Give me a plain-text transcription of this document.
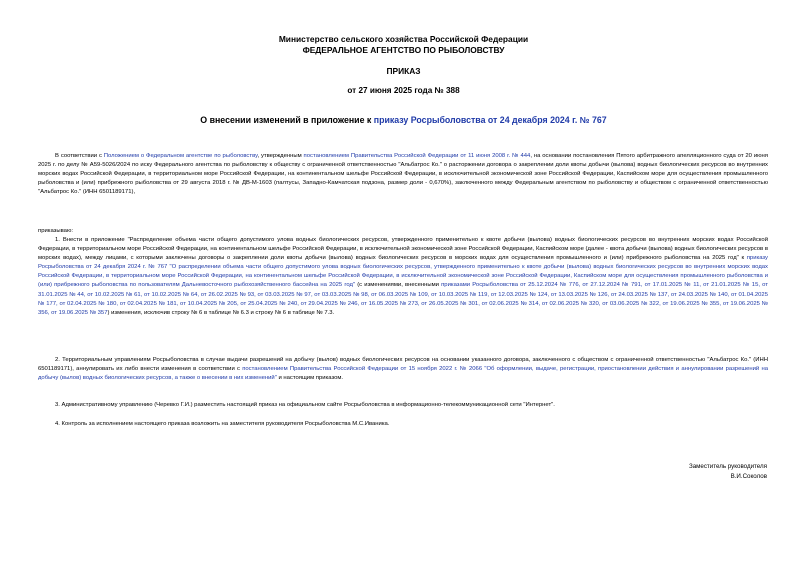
Министерство сельского хозяйства Российской Федерации
ФЕДЕРАЛЬНОЕ АГЕНТСТВО ПО РЫБОЛОВСТВУ
ПРИКАЗ
от 27 июня 2025 года № 388
О внесении изменений в приложение к приказу Росрыболовства от 24 декабря 2024 г. № 767
В соответствии с Положением о Федеральном агентстве по рыболовству, утвержденным постановлением Правительства Российской Федерации от 11 июня 2008 г. № 444, на основании постановления Пятого арбитражного апелляционного суда от 20 июня 2025 г. по делу № А59-5026/2024 по иску Федерального агентства по рыболовству к обществу с ограниченной ответственностью "Альбатрос Ко." о расторжении договора о закреплении доли квоты добычи (вылова) водных биологических ресурсов во внутренних морских водах Российской Федерации, в территориальном море Российской Федерации, на континентальном шельфе Российской Федерации, в исключительной экономической зоне Российской Федерации, Каспийском море для осуществления промышленного рыболовства и (или) прибрежного рыболовства от 29 августа 2018 г. № ДВ-М-1603 (палтусы, Западно-Камчатская подзона, размер доли - 0,670%), заключенного между Федеральным агентством по рыболовству и обществом с ограниченной ответственностью "Альбатрос Ко." (ИНН 6501189171),
приказываю:
1. Внести в приложение "Распределение объема части общего допустимого улова водных биологических ресурсов, утвержденного применительно к квоте добычи (вылова) водных биологических ресурсов во внутренних морских водах Российской Федерации, в территориальном море Российской Федерации, на континентальном шельфе Российской Федерации, в исключительной экономической зоне Российской Федерации, Каспийском море (далее - квота добычи (вылова) водных биологических ресурсов в морских водах), между лицами, с которыми заключены договоры о закреплении доли квоты добычи (вылова) водных биологических ресурсов в морских водах для осуществления промышленного и (или) прибрежного рыболовства на 2025 год" к приказу Росрыболовства от 24 декабря 2024 г. № 767 "О распределении объема части общего допустимого улова водных биологических ресурсов, утвержденного применительно к квоте добычи (вылова) водных биологических ресурсов во внутренних морских водах Российской Федерации, в территориальном море Российской Федерации, на континентальном шельфе Российской Федерации, в исключительной экономической зоне Российской Федерации, Каспийском море для осуществления промышленного рыболовства и (или) прибрежного рыболовства по пользователям Дальневосточного рыбохозяйственного бассейна на 2025 год" (с изменениями, внесенными приказами Росрыболовства от 25.12.2024 № 776, от 27.12.2024 № 791, от 17.01.2025 № 11, от 21.01.2025 № 15, от 31.01.2025 № 44, от 10.02.2025 № 61, от 10.02.2025 № 64, от 26.02.2025 № 93, от 03.03.2025 № 97, от 03.03.2025 № 98, от 06.03.2025 № 109, от 10.03.2025 № 119, от 12.03.2025 № 124, от 13.03.2025 № 126, от 24.03.2025 № 137, от 24.03.2025 № 140, от 01.04.2025 № 177, от 02.04.2025 № 180, от 02.04.2025 № 181, от 10.04.2025 № 205, от 25.04.2025 № 240, от 29.04.2025 № 246, от 16.05.2025 № 273, от 26.05.2025 № 301, от 02.06.2025 № 314, от 02.06.2025 № 320, от 03.06.2025 № 322, от 19.06.2025 № 355, от 19.06.2025 № 356, от 19.06.2025 № 357) изменения, исключив строку № 6 в таблице № 6.3 и строку № 6 в таблице № 7.3.
2. Территориальным управлениям Росрыболовства в случае выдачи разрешений на добычу (вылов) водных биологических ресурсов на основании указанного договора, заключенного с обществом с ограниченной ответственностью "Альбатрос Ко." (ИНН 6501189171), аннулировать их либо внести изменения в соответствии с постановлением Правительства Российской Федерации от 15 ноября 2022 г. № 2066 "Об оформлении, выдаче, регистрации, приостановлении действия и аннулировании разрешений на добычу (вылов) водных биологических ресурсов, а также о внесении в них изменений" и настоящим приказом.
3. Административному управлению (Черевко Г.И.) разместить настоящий приказ на официальном сайте Росрыболовства в информационно-телекоммуникационной сети "Интернет".
4. Контроль за исполнением настоящего приказа возложить на заместителя руководителя Росрыболовства М.С.Иваника.
Заместитель руководителя
В.И.Соколов
